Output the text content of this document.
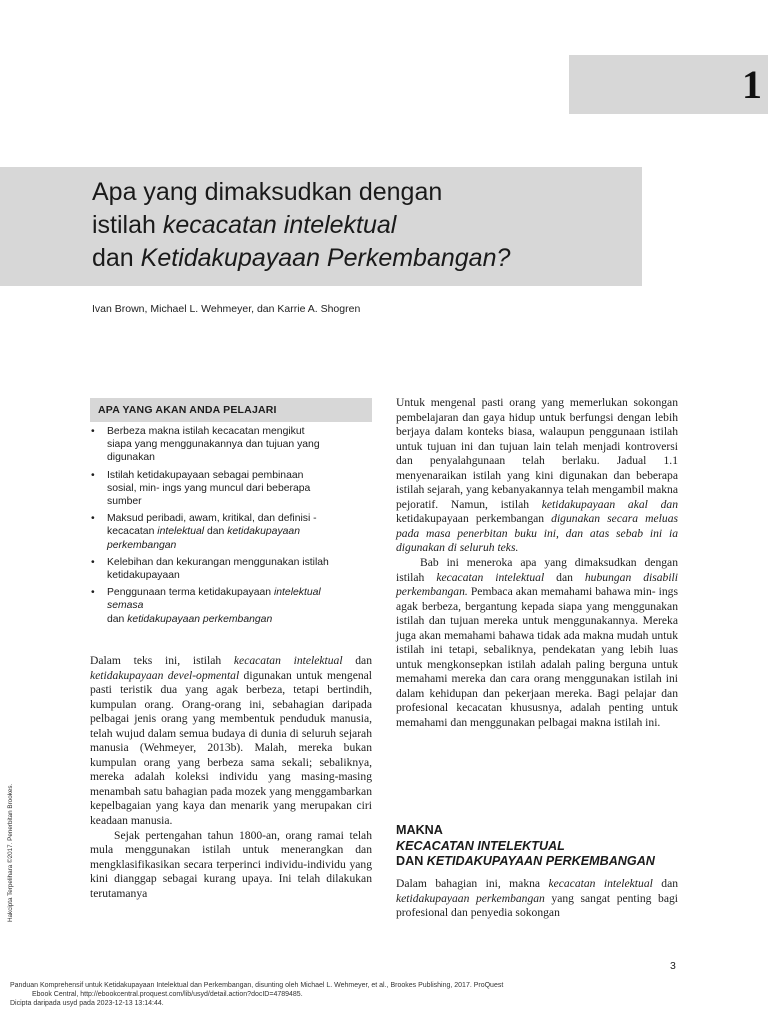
1
Apa yang dimaksudkan dengan
istilah kecacatan intelektual
dan Ketidakupayaan Perkembangan?
Ivan Brown, Michael L. Wehmeyer, dan Karrie A. Shogren
APA YANG AKAN ANDA PELAJARI
• Berbeza makna istilah kecacatan mengikut
siapa yang menggunakannya dan tujuan yang
digunakan
• Istilah ketidakupayaan sebagai pembinaan
sosial, min- ings yang muncul dari beberapa
sumber
• Maksud peribadi, awam, kritikal, dan definisi -
kecacatan intelektual dan ketidakupayaan
perkembangan
• Kelebihan dan kekurangan menggunakan istilah
ketidakupayaan
• Penggunaan terma ketidakupayaan intelektual
semasa
dan ketidakupayaan perkembangan

Dalam teks ini, istilah kecacatan intelektual dan ketidakupayaan devel-opmental digunakan untuk mengenal pasti teristik dua yang agak berbeza, tetapi bertindih, kumpulan orang. Orang-orang ini, sebahagian daripada pelbagai jenis orang yang membentuk penduduk manusia, telah wujud dalam semua budaya di dunia di seluruh sejarah manusia (Wehmeyer, 2013b). Malah, mereka bukan kumpulan orang yang berbeza sama sekali; sebaliknya, mereka adalah koleksi individu yang masing-masing menambah satu bahagian pada mozek yang menggambarkan kepelbagaian yang kaya dan menarik yang merupakan ciri keadaan manusia.

Sejak pertengahan tahun 1800-an, orang ramai telah mula menggunakan istilah untuk menerangkan dan mengklasifikasikan secara terperinci individu-individu yang kini dianggap sebagai kurang upaya. Ini telah dilakukan terutamanya

Untuk mengenal pasti orang yang memerlukan sokongan pembelajaran dan gaya hidup untuk berfungsi dengan lebih berjaya dalam konteks biasa, walaupun penggunaan istilah untuk tujuan ini dan tujuan lain telah menjadi kontroversi dan penyalahgunaan telah berlaku. Jadual 1.1 menyenaraikan istilah yang kini digunakan dan beberapa istilah sejarah, yang kebanyakannya telah mengambil makna pejoratif. Namun, istilah ketidakupayaan akal dan ketidakupayaan perkembangan digunakan secara meluas pada masa penerbitan buku ini, dan atas sebab ini ia digunakan di seluruh teks.

Bab ini meneroka apa yang dimaksudkan dengan istilah kecacatan intelektual dan hubungan disabili perkembangan. Pembaca akan memahami bahawa min- ings agak berbeza, bergantung kepada siapa yang menggunakan istilah dan tujuan mereka untuk menggunakannya. Mereka juga akan memahami bahawa tidak ada makna mudah untuk istilah ini tetapi, sebaliknya, pendekatan yang lebih luas untuk mengkonsepkan istilah adalah paling berguna untuk memahami mereka dan cara orang menggunakan istilah ini dalam kehidupan dan pekerjaan mereka. Bagi pelajar dan profesional kecacatan khususnya, adalah penting untuk memahami dan menggunakan pelbagai makna istilah ini.

MAKNA
KECACATAN INTELEKTUAL
DAN KETIDAKUPAYAAN PERKEMBANGAN

Dalam bahagian ini, makna kecacatan intelektual dan ketidakupayaan perkembangan yang sangat penting bagi profesional dan penyedia sokongan

Hakcipta Terpelihara ©2017. Penerbitan Brookes.
3
Panduan Komprehensif untuk Ketidakupayaan Intelektual dan Perkembangan, disunting oleh Michael L. Wehmeyer, et al., Brookes Publishing, 2017. ProQuest
Ebook Central, http://ebookcentral.proquest.com/lib/usyd/detail.action?docID=4789485.
Dicipta daripada usyd pada 2023-12-13 13:14:44.
